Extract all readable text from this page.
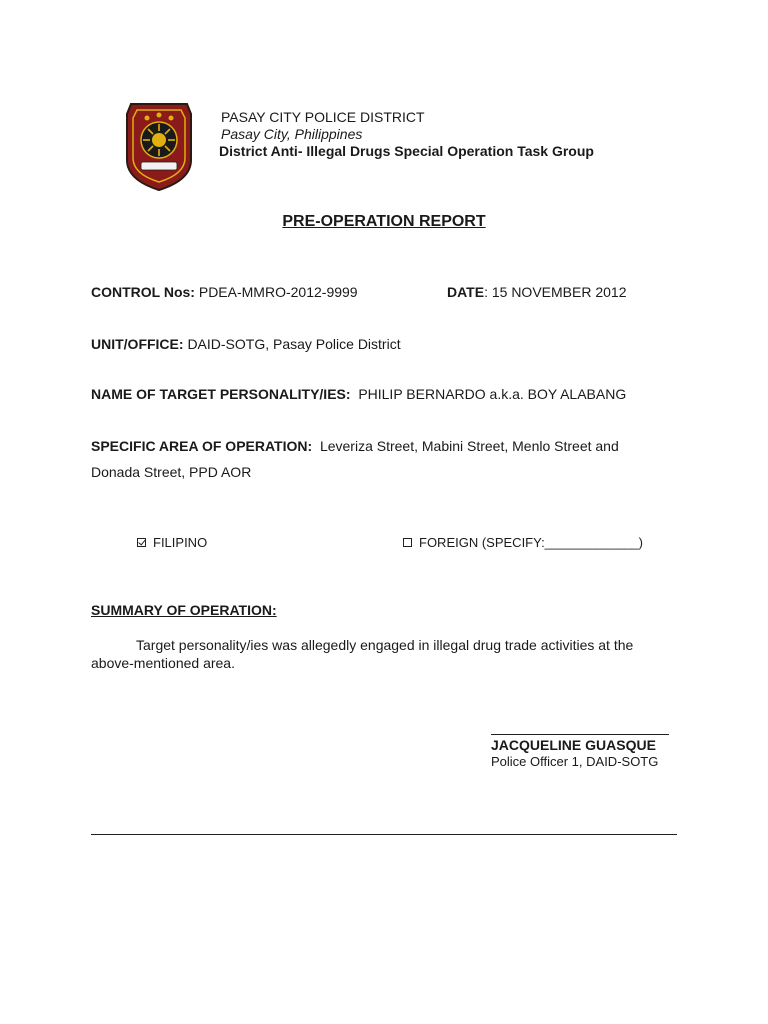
PASAY CITY POLICE DISTRICT
Pasay City, Philippines
District Anti- Illegal Drugs Special Operation Task Group
PRE-OPERATION REPORT
CONTROL Nos: PDEA-MMRO-2012-9999	DATE: 15 NOVEMBER 2012
UNIT/OFFICE: DAID-SOTG, Pasay Police District
NAME OF TARGET PERSONALITY/IES: PHILIP BERNARDO a.k.a. BOY ALABANG
SPECIFIC AREA OF OPERATION: Leveriza Street, Mabini Street, Menlo Street and
Donada Street, PPD AOR
FILIPINO	FOREIGN (SPECIFY:_____________)
SUMMARY OF OPERATION:
Target personality/ies was allegedly engaged in illegal drug trade activities at the above-mentioned area.
JACQUELINE GUASQUE
Police Officer 1, DAID-SOTG
